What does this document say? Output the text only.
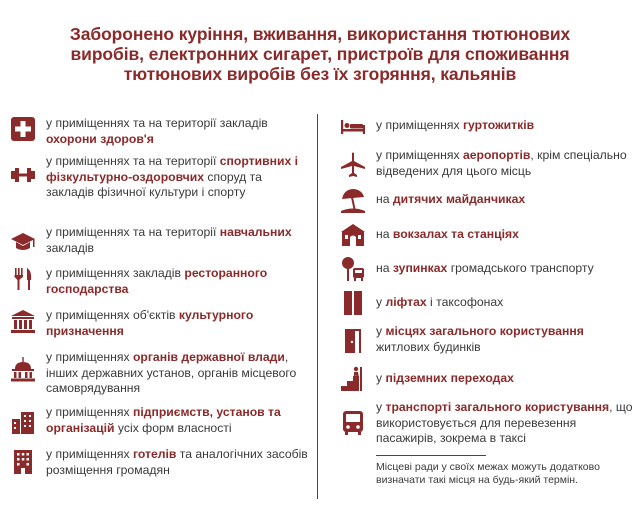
Заборонено куріння, вживання, використання тютюнових
виробів, електронних сигарет, пристроїв для споживання
тютюнових виробів без їх згоряння, кальянів
у приміщеннях та на території закладів охорони здоров'я
у приміщеннях та на території спортивних і фізкультурно-оздоровчих споруд та закладів фізичної культури і спорту
у приміщеннях та на території навчальних закладів
у приміщеннях закладів ресторанного господарства
у приміщеннях об'єктів культурного призначення
у приміщеннях органів державної влади, інших державних установ, органів місцевого самоврядування
у приміщеннях підприємств, установ та організацій усіх форм власності
у приміщеннях готелів та аналогічних засобів розміщення громадян
у приміщеннях гуртожитків
у приміщеннях аеропортів, крім спеціально відведених для цього місць
на дитячих майданчиках
на вокзалах та станціях
на зупинках громадського транспорту
у ліфтах і таксофонах
у місцях загального користування житлових будинків
у підземних переходах
у транспорті загального користування, що використовується для перевезення пасажирів, зокрема в таксі
Місцеві ради у своїх межах можуть додатково визначати такі місця на будь-який термін.
